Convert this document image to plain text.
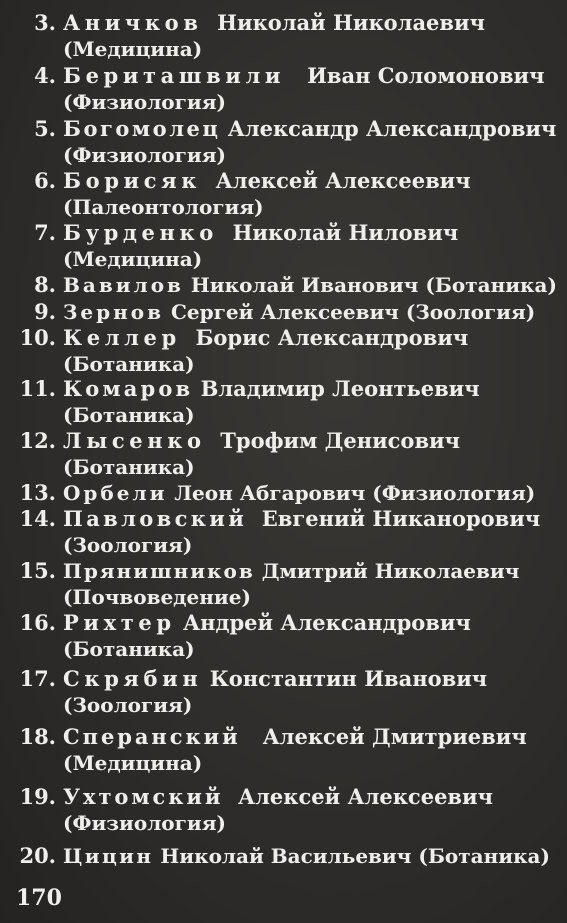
3. Аничков Николай Николаевич
(Медицина)
4. Бериташвили Иван Соломонович
(Физиология)
5. Богомолец Александр Александрович
(Физиология)
6. Борисяк Алексей Алексеевич
(Палеонтология)
7. Бурденко Николай Нилович
(Медицина)
8. Вавилов Николай Иванович (Ботаника)
9. Зернов Сергей Алексеевич (Зоология)
10. Келлер Борис Александрович
(Ботаника)
11. Комаров Владимир Леонтьевич
(Ботаника)
12. Лысенко Трофим Денисович
(Ботаника)
13. Орбели Леон Абгарович (Физиология)
14. Павловский Евгений Никанорович
(Зоология)
15. Прянишников Дмитрий Николаевич
(Почвоведение)
16. Рихтер Андрей Александрович
(Ботаника)
17. Скрябин Константин Иванович
(Зоология)
18. Сперанский Алексей Дмитриевич
(Медицина)
19. Ухтомский Алексей Алексеевич
(Физиология)
20. Цицин Николай Васильевич (Ботаника)
170
